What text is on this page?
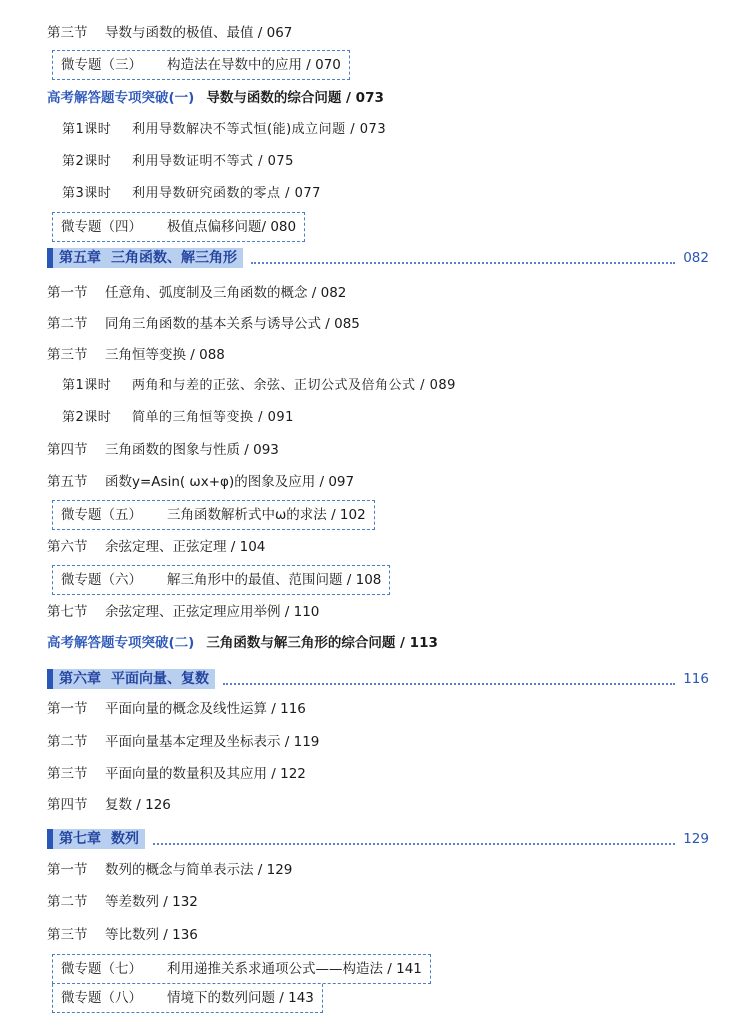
第三节 导数与函数的极值、最值 / 067
微专题（三） 构造法在导数中的应用 / 070
高考解答题专项突破(一) 导数与函数的综合问题 / 073
第1课时 利用导数解决不等式恒(能)成立问题 / 073
第2课时 利用导数证明不等式 / 075
第3课时 利用导数研究函数的零点 / 077
微专题（四） 极值点偏移问题/ 080
第五章 三角函数、解三角形	082
第一节 任意角、弧度制及三角函数的概念 / 082
第二节 同角三角函数的基本关系与诱导公式 / 085
第三节 三角恒等变换 / 088
第1课时 两角和与差的正弦、余弦、正切公式及倍角公式 / 089
第2课时 简单的三角恒等变换 / 091
第四节 三角函数的图象与性质 / 093
第五节 函数y=Asin( ωx+φ)的图象及应用 / 097
微专题（五） 三角函数解析式中ω的求法 / 102
第六节 余弦定理、正弦定理 / 104
微专题（六） 解三角形中的最值、范围问题 / 108
第七节 余弦定理、正弦定理应用举例 / 110
高考解答题专项突破(二) 三角函数与解三角形的综合问题 / 113
第六章 平面向量、复数	116
第一节 平面向量的概念及线性运算 / 116
第二节 平面向量基本定理及坐标表示 / 119
第三节 平面向量的数量积及其应用 / 122
第四节 复数 / 126
第七章 数列	129
第一节 数列的概念与简单表示法 / 129
第二节 等差数列 / 132
第三节 等比数列 / 136
微专题（七） 利用递推关系求通项公式——构造法 / 141
微专题（八） 情境下的数列问题 / 143
